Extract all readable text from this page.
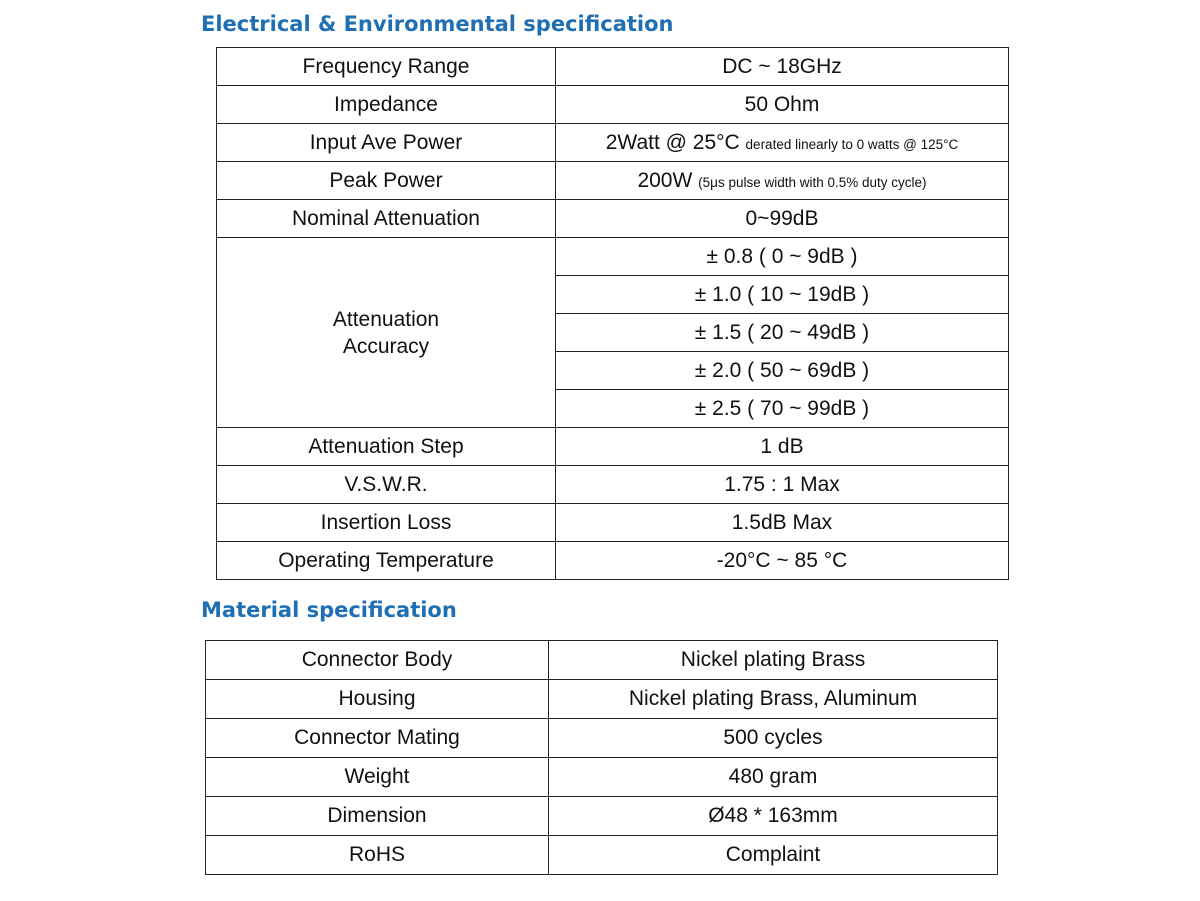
Electrical & Environmental specification
Frequency Range	DC ~ 18GHz
Impedance	50 Ohm
Input Ave Power	2Watt @ 25°C derated linearly to 0 watts @ 125°C
Peak Power	200W (5μs pulse width with 0.5% duty cycle)
Nominal Attenuation	0~99dB
Attenuation
Accuracy	± 0.8 ( 0 ~ 9dB )
	± 1.0 ( 10 ~ 19dB )
	± 1.5 ( 20 ~ 49dB )
	± 2.0 ( 50 ~ 69dB )
	± 2.5 ( 70 ~ 99dB )
Attenuation Step	1 dB
V.S.W.R.	1.75 : 1 Max
Insertion Loss	1.5dB Max
Operating Temperature	-20°C ~ 85 °C
Material specification
Connector Body	Nickel plating Brass
Housing	Nickel plating Brass, Aluminum
Connector Mating	500 cycles
Weight	480 gram
Dimension	Ø48 * 163mm
RoHS	Complaint
